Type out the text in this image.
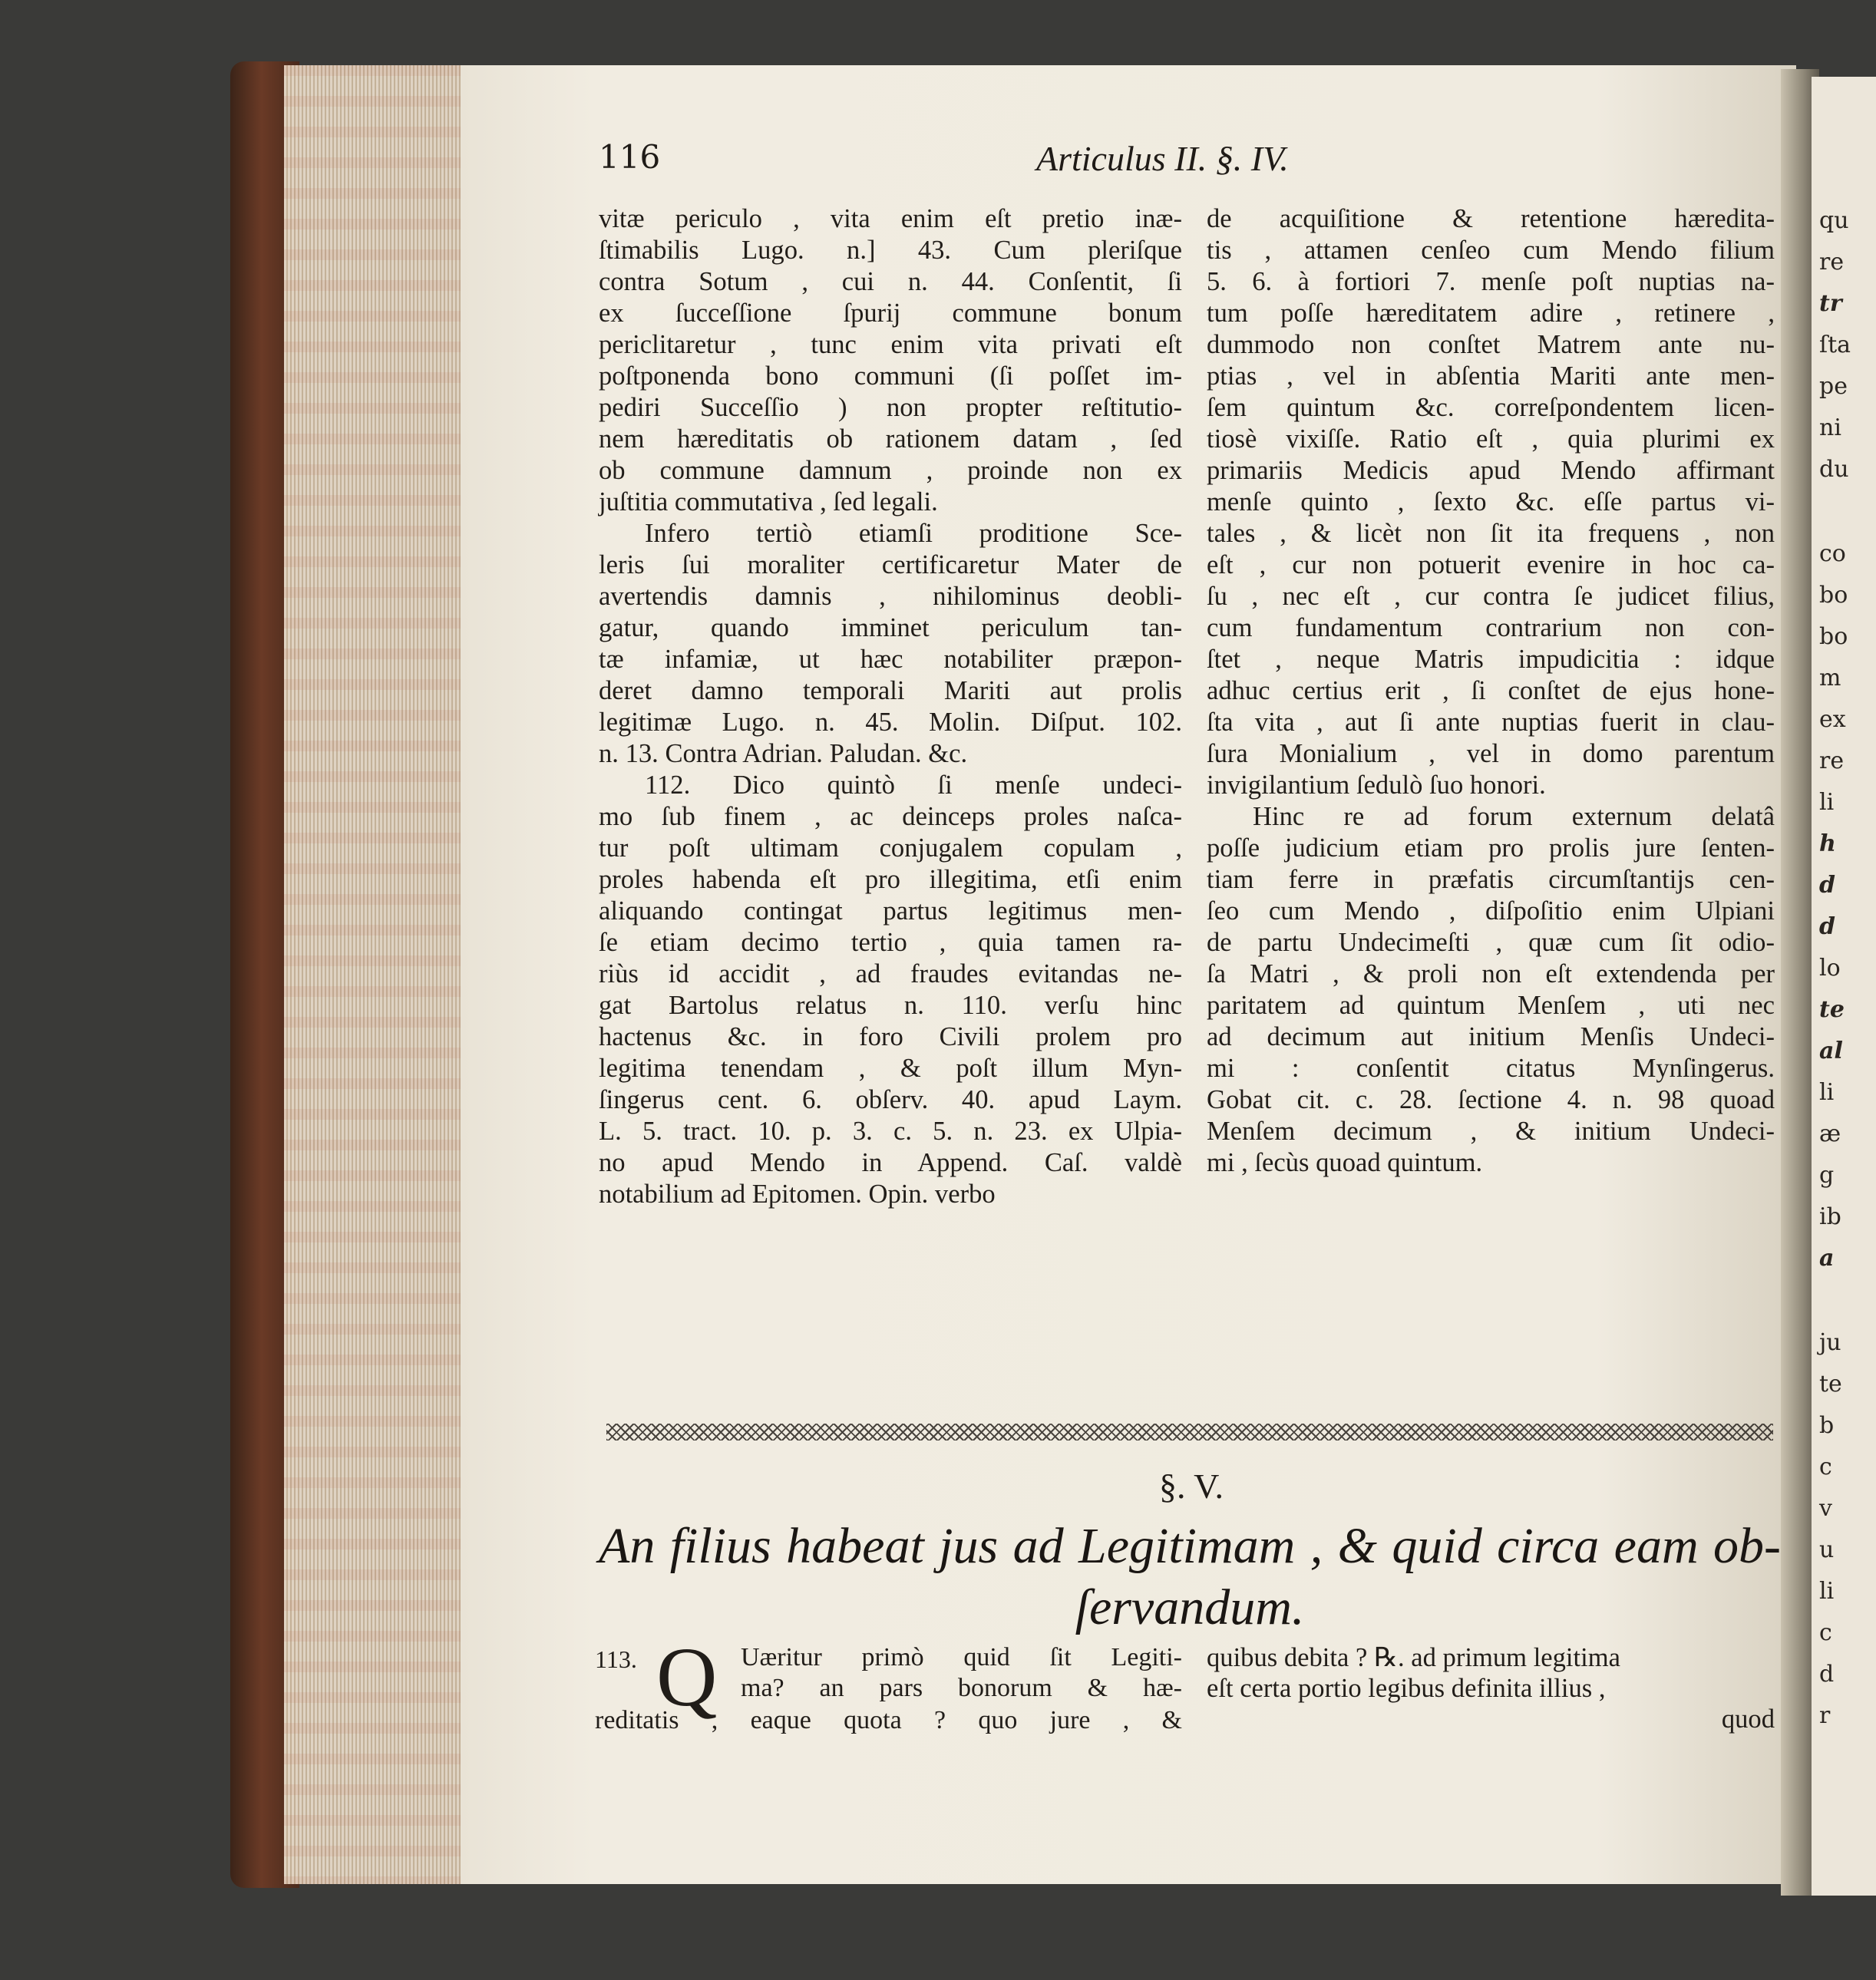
116	Articulus II. §. IV.
vitæ periculo , vita enim eſt pretio inæ-
ſtimabilis Lugo. n.] 43. Cum pleriſque
contra Sotum , cui n. 44. Conſentit, ſi
ex ſucceſſione ſpurij commune bonum
periclitaretur , tunc enim vita privati eſt
poſtponenda bono communi (ſi poſſet im-
pediri Succeſſio ) non propter reſtitutio-
nem hæreditatis ob rationem datam , ſed
ob commune damnum , proinde non ex
juſtitia commutativa , ſed legali.
Infero tertiò etiamſi proditione Sce-
leris ſui moraliter certificaretur Mater de
avertendis damnis , nihilominus deobli-
gatur, quando imminet periculum tan-
tæ infamiæ, ut hæc notabiliter præpon-
deret damno temporali Mariti aut prolis
legitimæ Lugo. n. 45. Molin. Diſput. 102.
n. 13. Contra Adrian. Paludan. &c.
112. Dico quintò ſi menſe undeci-
mo ſub finem , ac deinceps proles naſca-
tur poſt ultimam conjugalem copulam ,
proles habenda eſt pro illegitima, etſi enim
aliquando contingat partus legitimus men-
ſe etiam decimo tertio , quia tamen ra-
riùs id accidit , ad fraudes evitandas ne-
gat Bartolus relatus n. 110. verſu hinc
hactenus &c. in foro Civili prolem pro
legitima tenendam , & poſt illum Myn-
ſingerus cent. 6. obſerv. 40. apud Laym.
L. 5. tract. 10. p. 3. c. 5. n. 23. ex Ulpia-
no apud Mendo in Append. Caſ. valdè
notabilium ad Epitomen. Opin. verbo
de acquiſitione & retentione hæredita-
tis , attamen cenſeo cum Mendo filium
5. 6. à fortiori 7. menſe poſt nuptias na-
tum poſſe hæreditatem adire , retinere ,
dummodo non conſtet Matrem ante nu-
ptias , vel in abſentia Mariti ante men-
ſem quintum &c. correſpondentem licen-
tiosè vixiſſe. Ratio eſt , quia plurimi ex
primariis Medicis apud Mendo affirmant
menſe quinto , ſexto &c. eſſe partus vi-
tales , & licèt non ſit ita frequens , non
eſt , cur non potuerit evenire in hoc ca-
ſu , nec eſt , cur contra ſe judicet filius,
cum fundamentum contrarium non con-
ſtet , neque Matris impudicitia : idque
adhuc certius erit , ſi conſtet de ejus hone-
ſta vita , aut ſi ante nuptias fuerit in clau-
ſura Monialium , vel in domo parentum
invigilantium ſedulò ſuo honori.
Hinc re ad forum externum delatâ
poſſe judicium etiam pro prolis jure ſenten-
tiam ferre in præfatis circumſtantijs cen-
ſeo cum Mendo , diſpoſitio enim Ulpiani
de partu Undecimeſti , quæ cum ſit odio-
ſa Matri , & proli non eſt extendenda per
paritatem ad quintum Menſem , uti nec
ad decimum aut initium Menſis Undeci-
mi : conſentit citatus Mynſingerus.
Gobat cit. c. 28. ſectione 4. n. 98 quoad
Menſem decimum , & initium Undeci-
mi , ſecùs quoad quintum.
§. V.
An filius habeat jus ad Legitimam , & quid circa eam ob-
ſervandum.
113. Q Uæritur primò quid ſit Legiti-
ma? an pars bonorum & hæ-
reditatis , eaque quota ? quo jure , &
quibus debita ? ℞. ad primum legitima
eſt certa portio legibus definita illius ,
quod
qu
re
tr
ſta
pe
ni
du
co
bo
bo
m
ex
re
li
h
d
d
lo
te
al
li
æ
g
ib
a
ju
te
b
c
v
u
li
c
d
r
